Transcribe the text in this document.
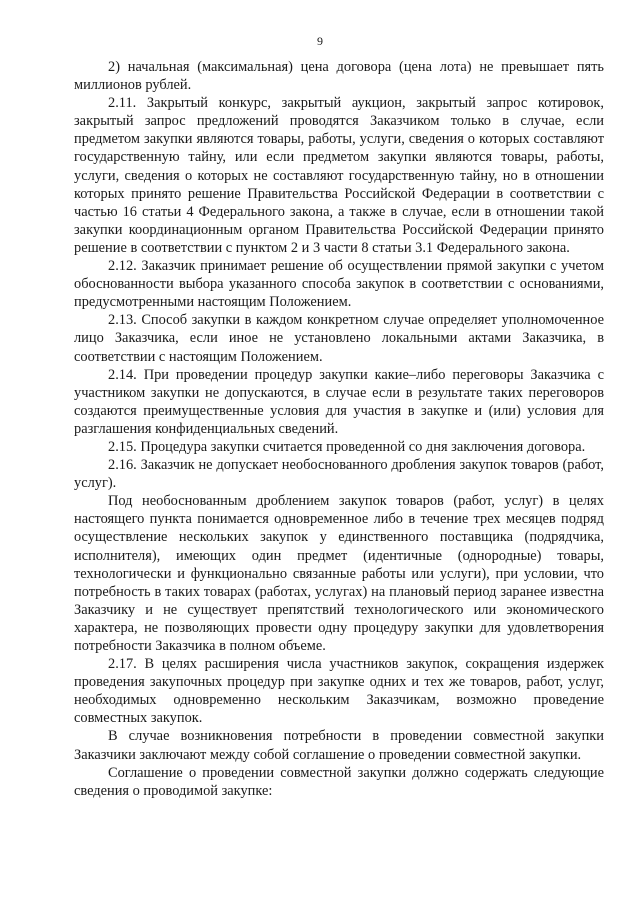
9

2) начальная (максимальная) цена договора (цена лота) не превышает пять миллионов рублей.

2.11. Закрытый конкурс, закрытый аукцион, закрытый запрос котировок, закрытый запрос предложений проводятся Заказчиком только в случае, если предметом закупки являются товары, работы, услуги, сведения о которых составляют государственную тайну, или если предметом закупки являются товары, работы, услуги, сведения о которых не составляют государственную тайну, но в отношении которых принято решение Правительства Российской Федерации в соответствии с частью 16 статьи 4 Федерального закона, а также в случае, если в отношении такой закупки координационным органом Правительства Российской Федерации принято решение в соответствии с пунктом 2 и 3 части 8 статьи 3.1 Федерального закона.

2.12. Заказчик принимает решение об осуществлении прямой закупки с учетом обоснованности выбора указанного способа закупок в соответствии с основаниями, предусмотренными настоящим Положением.

2.13. Способ закупки в каждом конкретном случае определяет уполномоченное лицо Заказчика, если иное не установлено локальными актами Заказчика, в соответствии с настоящим Положением.

2.14. При проведении процедур закупки какие–либо переговоры Заказчика с участником закупки не допускаются, в случае если в результате таких переговоров создаются преимущественные условия для участия в закупке и (или) условия для разглашения конфиденциальных сведений.

2.15. Процедура закупки считается проведенной со дня заключения договора.

2.16. Заказчик не допускает необоснованного дробления закупок товаров (работ, услуг).

Под необоснованным дроблением закупок товаров (работ, услуг) в целях настоящего пункта понимается одновременное либо в течение трех месяцев подряд осуществление нескольких закупок у единственного поставщика (подрядчика, исполнителя), имеющих один предмет (идентичные (однородные) товары, технологически и функционально связанные работы или услуги), при условии, что потребность в таких товарах (работах, услугах) на плановый период заранее известна Заказчику и не существует препятствий технологического или экономического характера, не позволяющих провести одну процедуру закупки для удовлетворения потребности Заказчика в полном объеме.

2.17. В целях расширения числа участников закупок, сокращения издержек проведения закупочных процедур при закупке одних и тех же товаров, работ, услуг, необходимых одновременно нескольким Заказчикам, возможно проведение совместных закупок.

В случае возникновения потребности в проведении совместной закупки Заказчики заключают между собой соглашение о проведении совместной закупки.

Соглашение о проведении совместной закупки должно содержать следующие сведения о проводимой закупке:
